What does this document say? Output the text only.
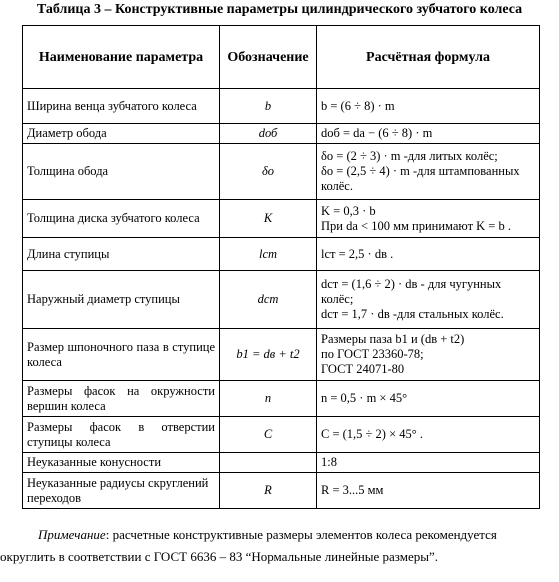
Таблица 3 – Конструктивные параметры цилиндрического зубчатого колеса
Наименование параметра	Обозначение	Расчётная формула
Ширина венца зубчатого колеса	b	b = (6 ÷ 8) · m

Диаметр обода	dоб	dоб = dа − (6 ÷ 8) · m

Толщина обода	δо	δо = (2 ÷ 3) · m -для литых колёс;
δо = (2,5 ÷ 4) · m -для штампованных колёс.

Толщина диска зубчатого колеса	K	K = 0,3 · b
При dа < 100 мм принимают K = b .

Длина ступицы	lст	lст = 2,5 · dв .

Наружный диаметр ступицы	dст	dст = (1,6 ÷ 2) · dв - для чугунных колёс;
dст = 1,7 · dв -для стальных колёс.

Размер шпоночного паза в ступице колеса	b1 = dв + t2	Размеры паза b1 и (dв + t2)
по ГОСТ 23360-78;
ГОСТ 24071-80

Размеры фасок на окружности вершин колеса	n	n = 0,5 · m × 45°

Размеры фасок в отверстии ступицы колеса	C	C = (1,5 ÷ 2) × 45° .

Неуказанные конусности		1:8

Неуказанные радиусы скруглений переходов	R	R = 3...5 мм
Примечание: расчетные конструктивные размеры элементов колеса рекомендуется
округлить в соответствии с ГОСТ 6636 – 83 “Нормальные линейные размеры”.
